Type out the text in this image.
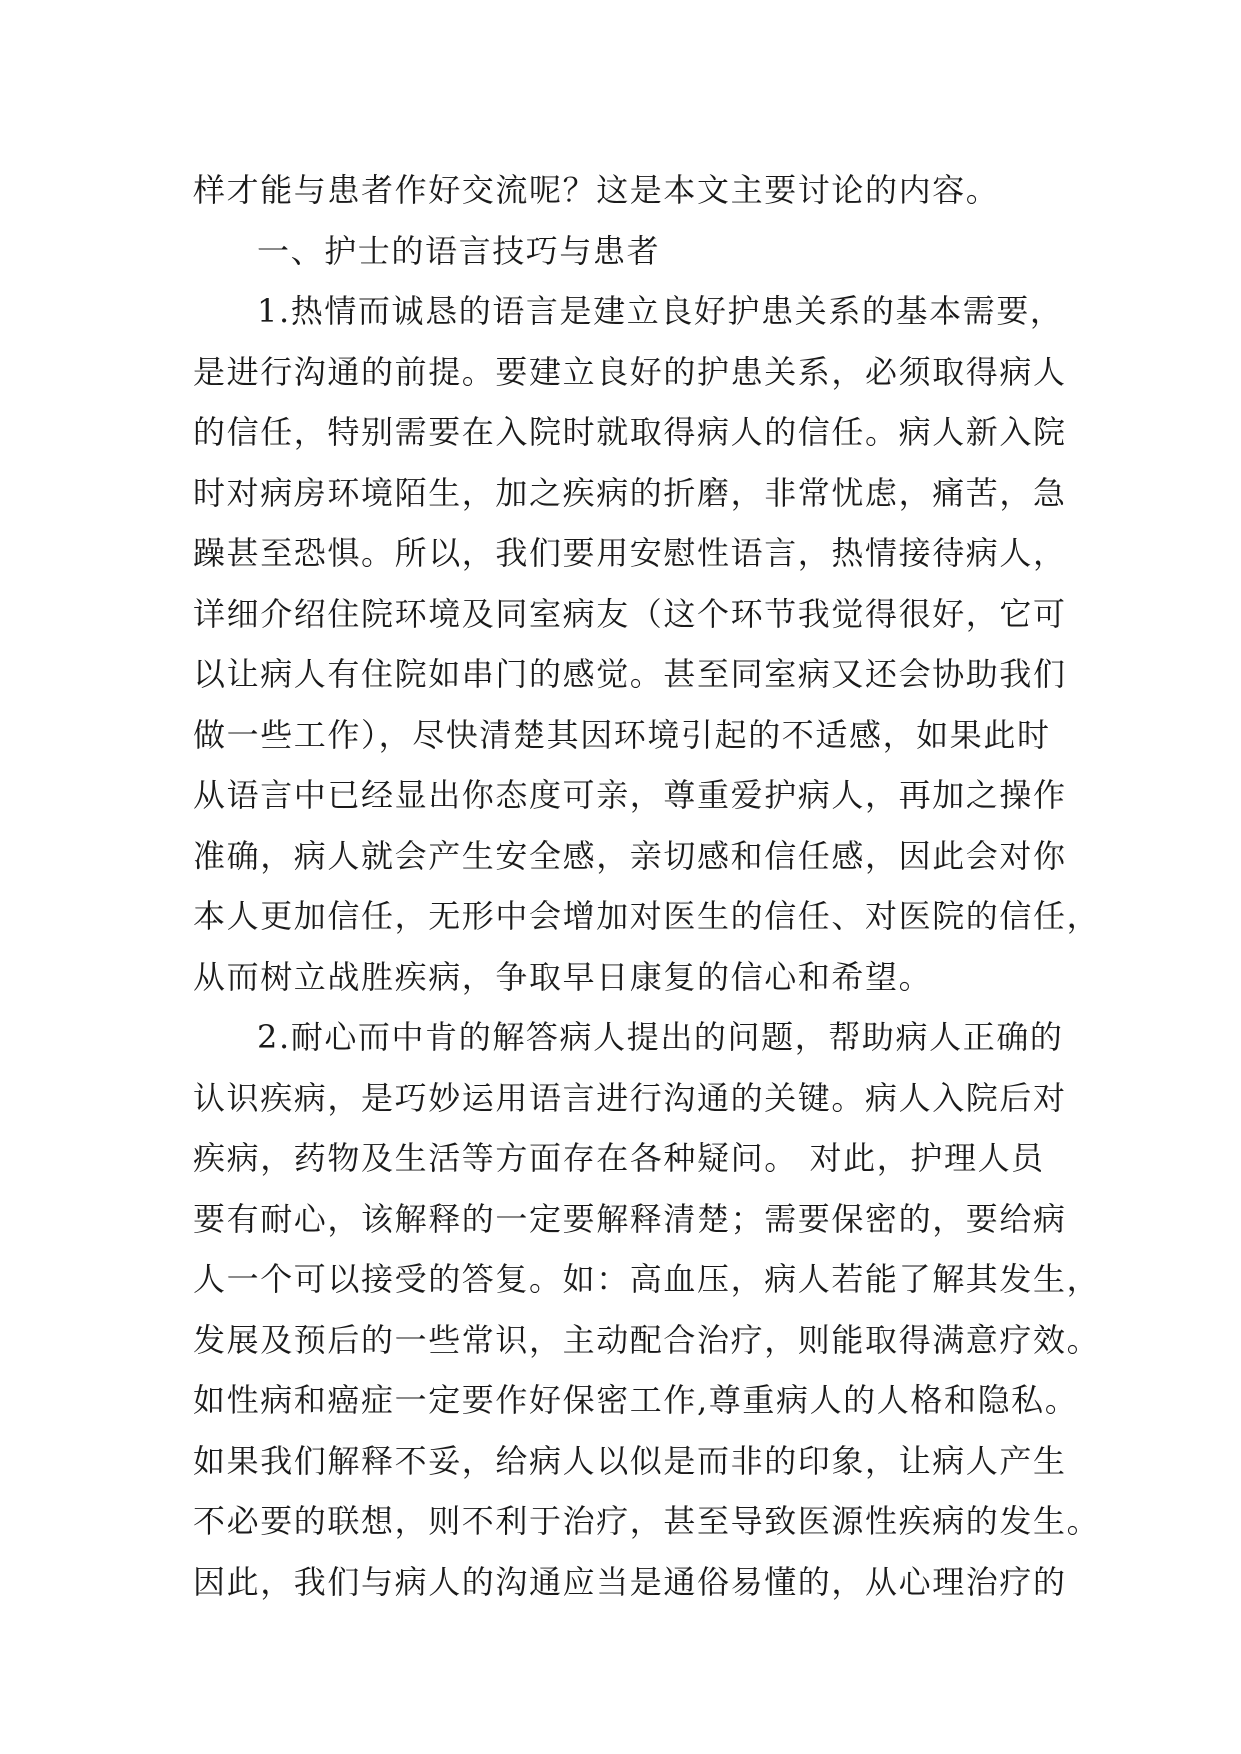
样才能与患者作好交流呢？这是本文主要讨论的内容。
一、护士的语言技巧与患者
1.热情而诚恳的语言是建立良好护患关系的基本需要，
是进行沟通的前提。要建立良好的护患关系，必须取得病人
的信任，特别需要在入院时就取得病人的信任。病人新入院
时对病房环境陌生，加之疾病的折磨，非常忧虑，痛苦，急
躁甚至恐惧。所以，我们要用安慰性语言，热情接待病人，
详细介绍住院环境及同室病友（这个环节我觉得很好，它可
以让病人有住院如串门的感觉。甚至同室病又还会协助我们
做一些工作），尽快清楚其因环境引起的不适感，如果此时
从语言中已经显出你态度可亲，尊重爱护病人，再加之操作
准确，病人就会产生安全感，亲切感和信任感，因此会对你
本人更加信任，无形中会增加对医生的信任、对医院的信任，
从而树立战胜疾病，争取早日康复的信心和希望。
2.耐心而中肯的解答病人提出的问题，帮助病人正确的
认识疾病，是巧妙运用语言进行沟通的关键。病人入院后对
疾病，药物及生活等方面存在各种疑问。 对此，护理人员
要有耐心，该解释的一定要解释清楚；需要保密的，要给病
人一个可以接受的答复。如：高血压，病人若能了解其发生，
发展及预后的一些常识，主动配合治疗，则能取得满意疗效。
如性病和癌症一定要作好保密工作,尊重病人的人格和隐私。
如果我们解释不妥，给病人以似是而非的印象，让病人产生
不必要的联想，则不利于治疗，甚至导致医源性疾病的发生。
因此，我们与病人的沟通应当是通俗易懂的，从心理治疗的
